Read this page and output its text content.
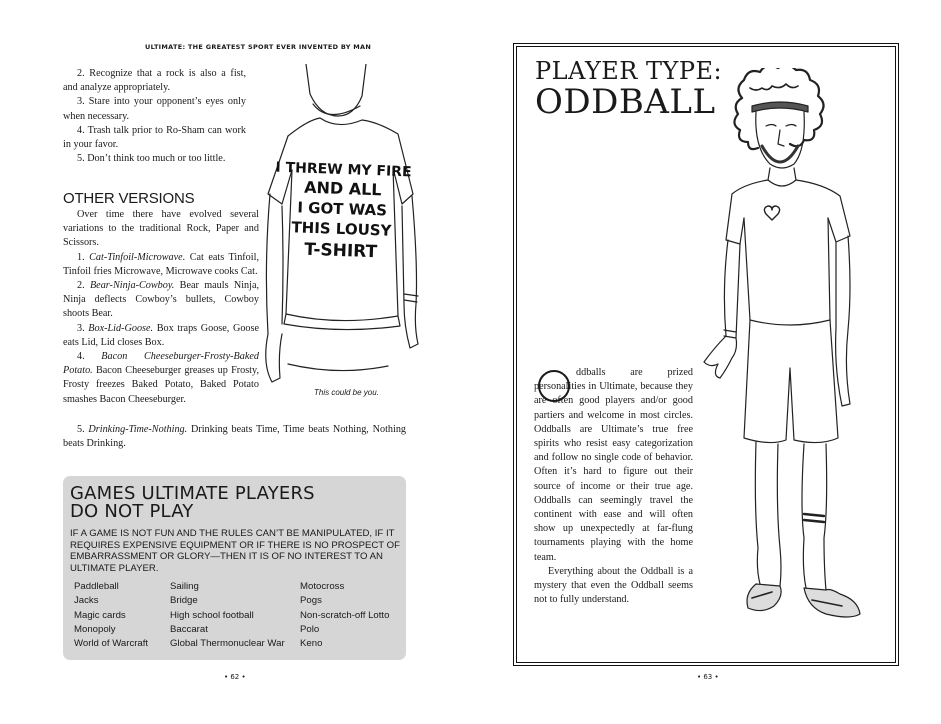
ULTIMATE: THE GREATEST SPORT EVER INVENTED BY MAN

2. Recognize that a rock is also a fist, and analyze appropriately.

3. Stare into your opponent’s eyes only when necessary.

4. Trash talk prior to Ro-Sham can work in your favor.

5. Don’t think too much or too little.

OTHER VERSIONS

Over time there have evolved several variations to the traditional Rock, Paper and Scissors.

1. Cat-Tinfoil-Microwave. Cat eats Tinfoil, Tinfoil fries Microwave, Microwave cooks Cat.

2. Bear-Ninja-Cowboy. Bear mauls Ninja, Ninja deflects Cowboy’s bullets, Cowboy shoots Bear.

3. Box-Lid-Goose. Box traps Goose, Goose eats Lid, Lid closes Box.

4. Bacon Cheeseburger-Frosty-Baked Potato. Bacon Cheeseburger greases up Frosty, Frosty freezes Baked Potato, Baked Potato smashes Bacon Cheeseburger.

5. Drinking-Time-Nothing. Drinking beats Time, Time beats Nothing, Nothing beats Drinking.

I THREW MY FIRE
AND ALL
I GOT WAS
THIS LOUSY
T-SHIRT
This could be you.
GAMES ULTIMATE PLAYERS
DO NOT PLAY
IF A GAME IS NOT FUN AND THE RULES CAN’T BE MANIPULATED, IF IT REQUIRES EXPENSIVE EQUIPMENT OR IF THERE IS NO PROSPECT OF EMBARRASSMENT OR GLORY—THEN IT IS OF NO INTEREST TO AN ULTIMATE PLAYER.
Paddleball
Jacks
Magic cards
Monopoly
World of Warcraft
Sailing
Bridge
High school football
Baccarat
Global Thermonuclear War
Motocross
Pogs
Non-scratch-off Lotto
Polo
Keno
• 62 •
PLAYER TYPE:
ODDBALL

ddballs are prized personalities in Ultimate, because they are often good players and/or good partiers and welcome in most circles. Oddballs are Ultimate’s true free spirits who resist easy categorization and follow no single code of behavior. Often it’s hard to figure out their source of income or their true age. Oddballs can seemingly travel the continent with ease and will often show up unexpectedly at far-flung tournaments playing with the home team.

Everything about the Oddball is a mystery that even the Oddball seems not to fully understand.

• 63 •
